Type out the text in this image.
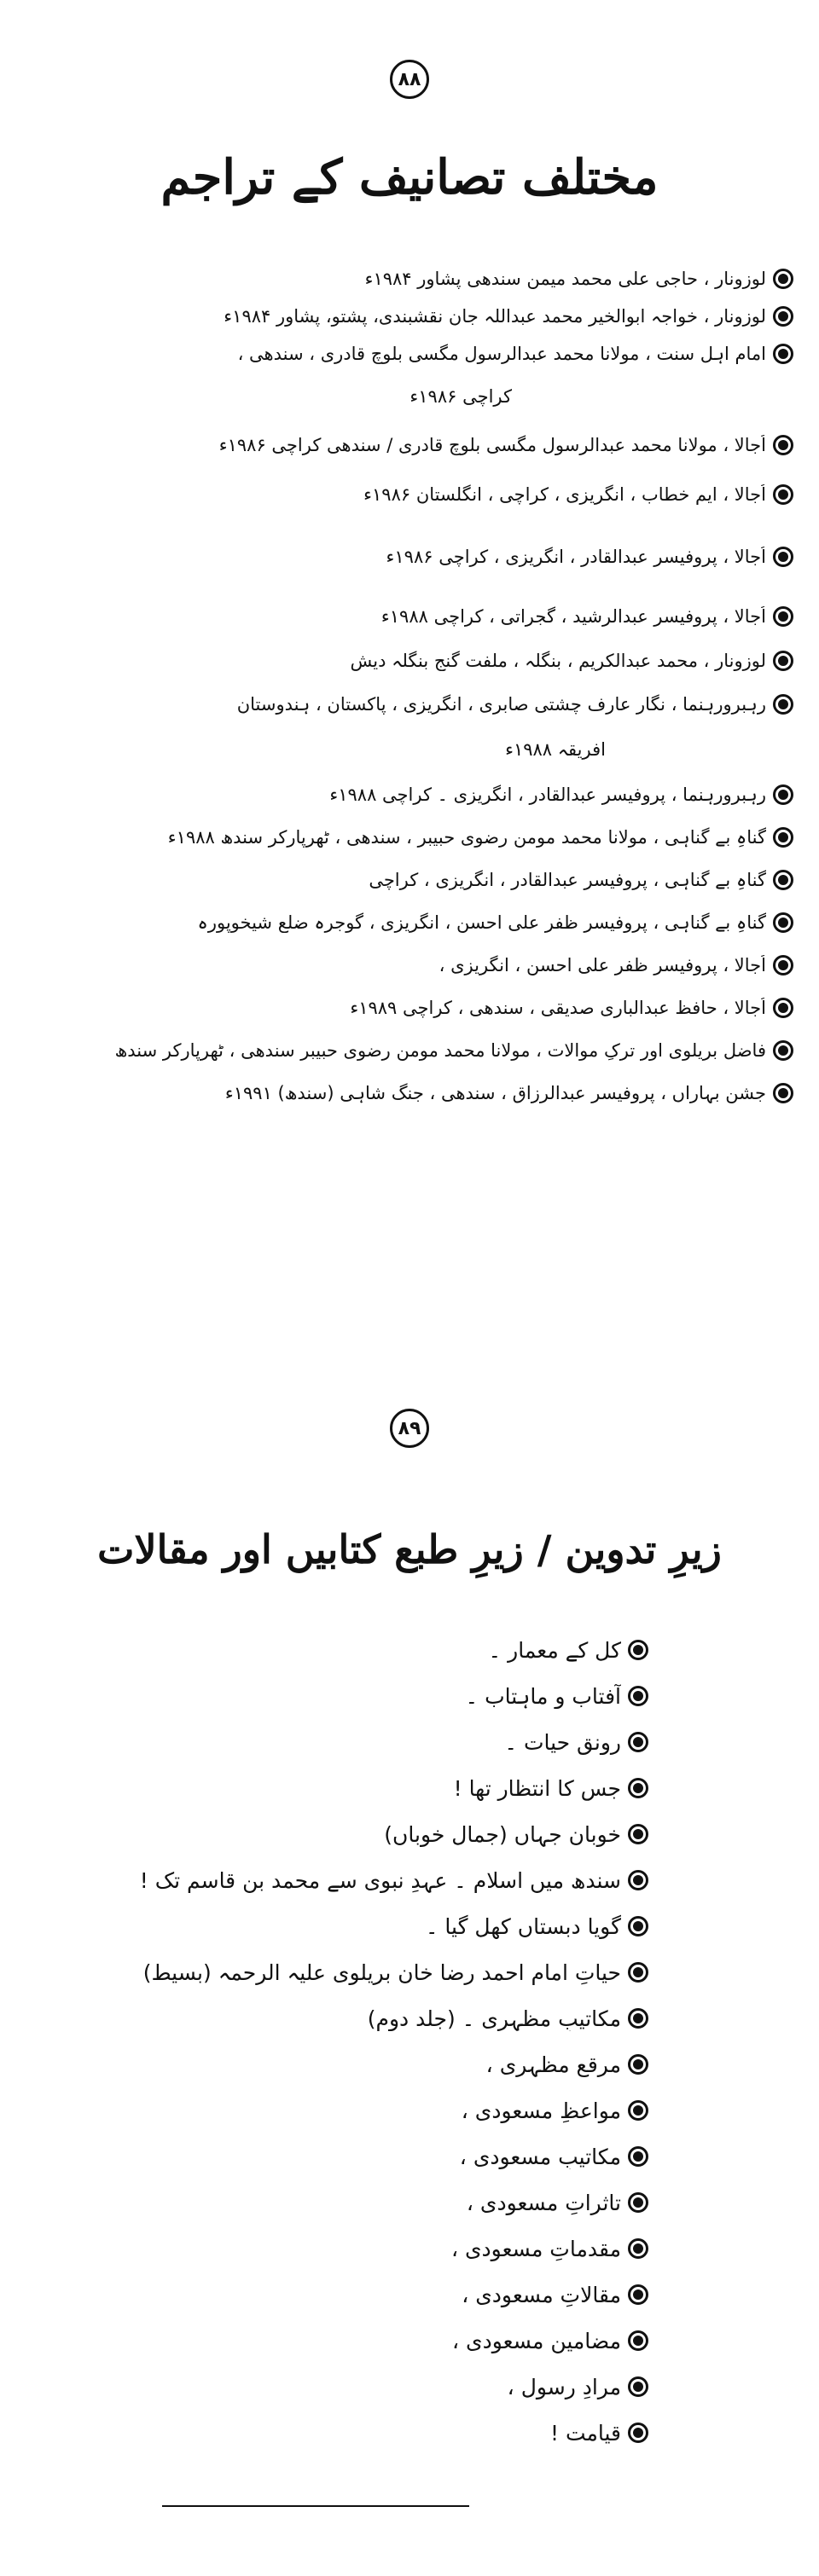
۸۸
مختلف تصانیف کے تراجم
لوزونار ، حاجی علی محمد میمن سندھی پشاور ۱۹۸۴ء
لوزونار ، خواجہ ابوالخیر محمد عبداللہ جان نقشبندی، پشتو، پشاور ۱۹۸۴ء
امام اہلِ سنت ، مولانا محمد عبدالرسول مگسی بلوچ قادری ، سندھی ،
کراچی ۱۹۸۶ء
اُجالا ، مولانا محمد عبدالرسول مگسی بلوچ قادری / سندھی کراچی ۱۹۸۶ء
اُجالا ، ایم خطاب ، انگریزی ، کراچی ، انگلستان ۱۹۸۶ء
اُجالا ، پروفیسر عبدالقادر ، انگریزی ، کراچی ۱۹۸۶ء
اُجالا ، پروفیسر عبدالرشید ، گجراتی ، کراچی ۱۹۸۸ء
لوزونار ، محمد عبدالکریم ، بنگلہ ، ملفت گنج بنگلہ دیش
رہبرورہنما ، نگار عارف چشتی صابری ، انگریزی ، پاکستان ، ہندوستان
افریقہ ۱۹۸۸ء
رہبرورہنما ، پروفیسر عبدالقادر ، انگریزی ۔ کراچی ۱۹۸۸ء
گناہِ بے گناہی ، مولانا محمد مومن رضوی حبیبر ، سندھی ، ٹھرپارکر سندھ ۱۹۸۸ء
گناہِ بے گناہی ، پروفیسر عبدالقادر ، انگریزی ، کراچی
گناہِ بے گناہی ، پروفیسر ظفر علی احسن ، انگریزی ، گوجرہ ضلع شیخوپورہ
اُجالا ، پروفیسر ظفر علی احسن ، انگریزی ،
اُجالا ، حافظ عبدالباری صدیقی ، سندھی ، کراچی ۱۹۸۹ء
فاضل بریلوی اور ترکِ موالات ، مولانا محمد مومن رضوی حبیبر سندھی ، ٹھرپارکر سندھ
جشن بہاراں ، پروفیسر عبدالرزاق ، سندھی ، جنگ شاہی (سندھ) ۱۹۹۱ء
۸۹
زیرِ تدوین / زیرِ طبع کتابیں اور مقالات
کل کے معمار ۔
آفتاب و ماہتاب ۔
رونقِ حیات ۔
جس کا انتظار تھا !
خوبانِ جہاں (جمالِ خوباں)
سندھ میں اسلام ۔ عہدِ نبوی سے محمد بن قاسم تک !
گویا دبستاں کھل گیا ۔
حیاتِ امام احمد رضا خان بریلوی علیہ الرحمہ (بسیط)
مکاتیبِ مظہری ۔ (جلد دوم)
مرقعِ مظہری ،
مواعظِ مسعودی ،
مکاتیبِ مسعودی ،
تاثراتِ مسعودی ،
مقدماتِ مسعودی ،
مقالاتِ مسعودی ،
مضامینِ مسعودی ،
مرادِ رسول ،
قیامت !
